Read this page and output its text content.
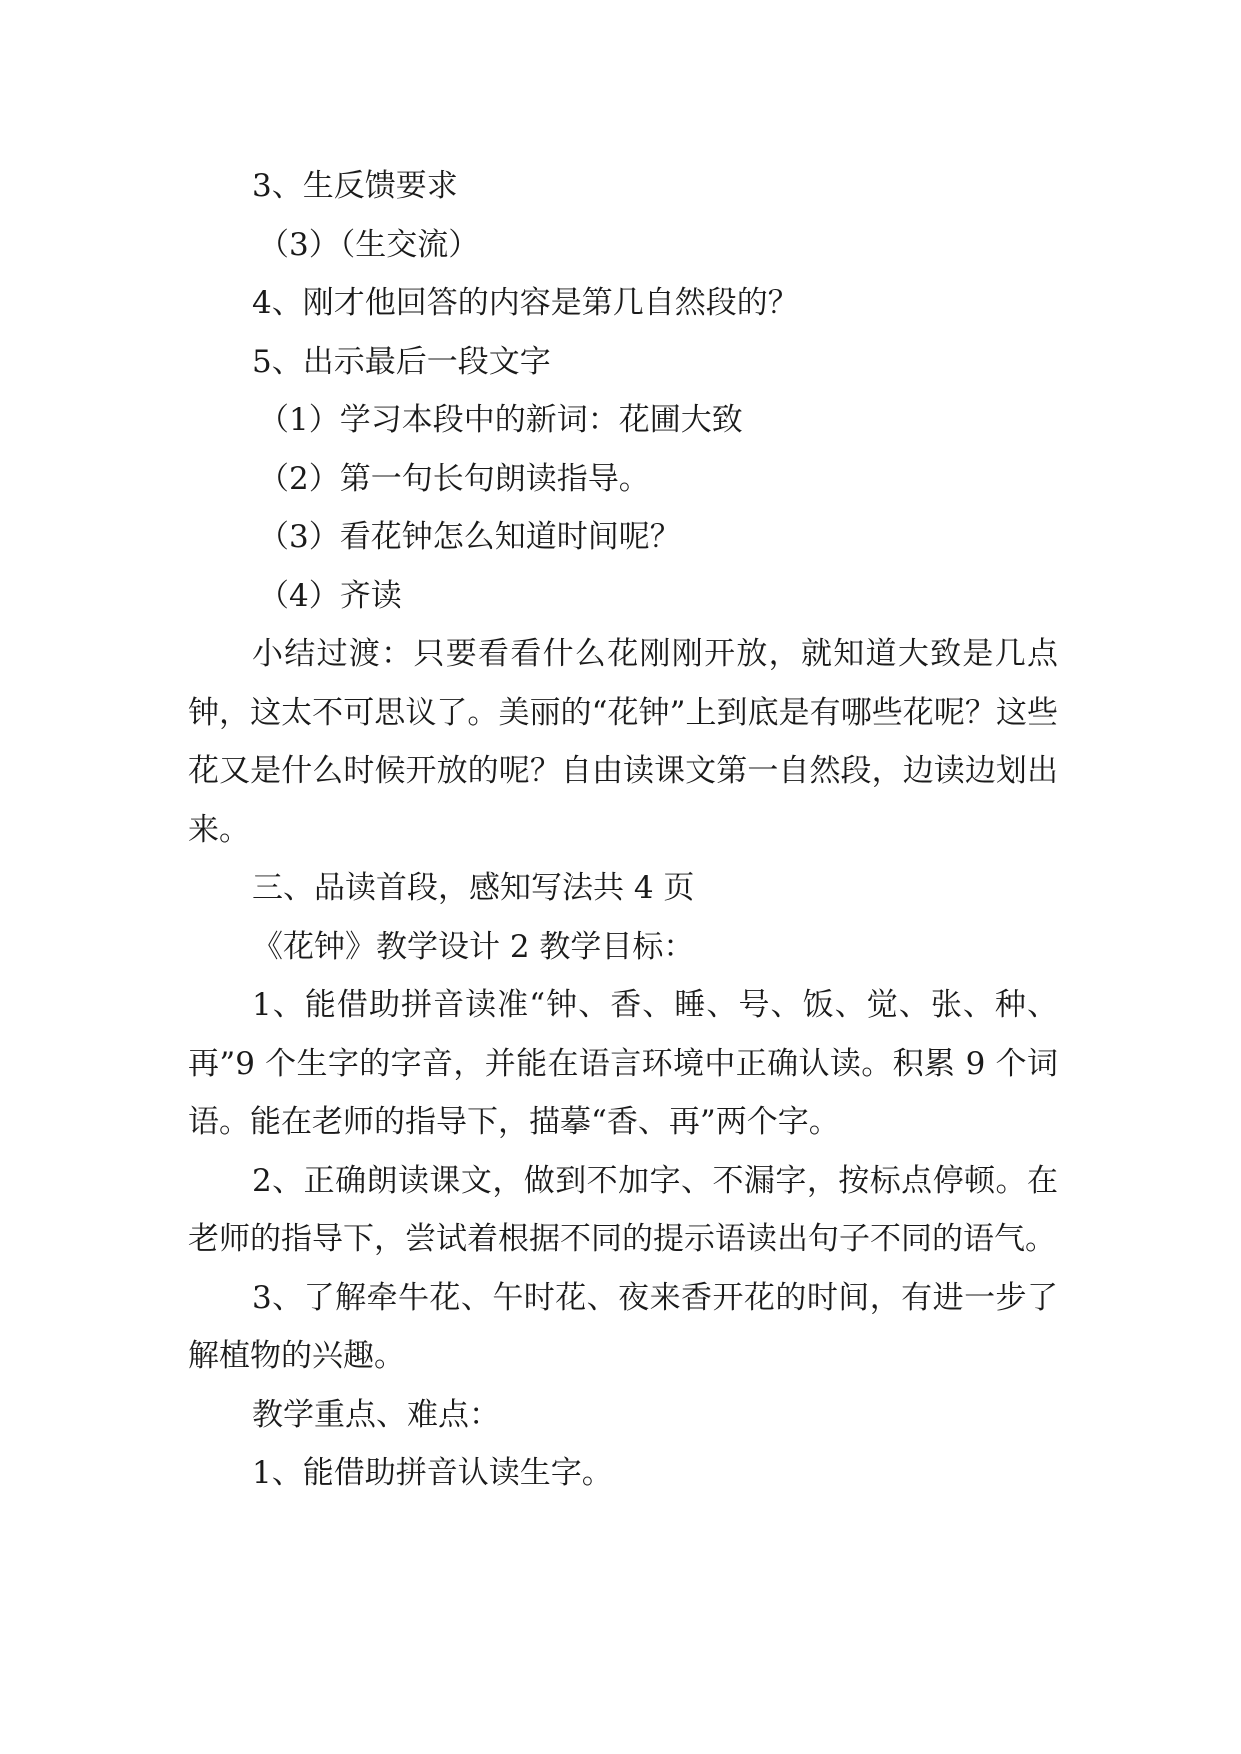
3、生反馈要求
（3）（生交流）
4、刚才他回答的内容是第几自然段的？
5、出示最后一段文字
（1）学习本段中的新词：花圃大致
（2）第一句长句朗读指导。
（3）看花钟怎么知道时间呢？
（4）齐读
小结过渡：只要看看什么花刚刚开放，就知道大致是几点钟，这太不可思议了。美丽的“花钟”上到底是有哪些花呢？这些花又是什么时候开放的呢？自由读课文第一自然段，边读边划出来。
三、品读首段，感知写法共 4 页
《花钟》教学设计 2 教学目标：
1、能借助拼音读准“钟、香、睡、号、饭、觉、张、种、再”9 个生字的字音，并能在语言环境中正确认读。积累 9 个词语。能在老师的指导下，描摹“香、再”两个字。
2、正确朗读课文，做到不加字、不漏字，按标点停顿。在老师的指导下，尝试着根据不同的提示语读出句子不同的语气。
3、了解牵牛花、午时花、夜来香开花的时间，有进一步了解植物的兴趣。
教学重点、难点：
1、能借助拼音认读生字。
